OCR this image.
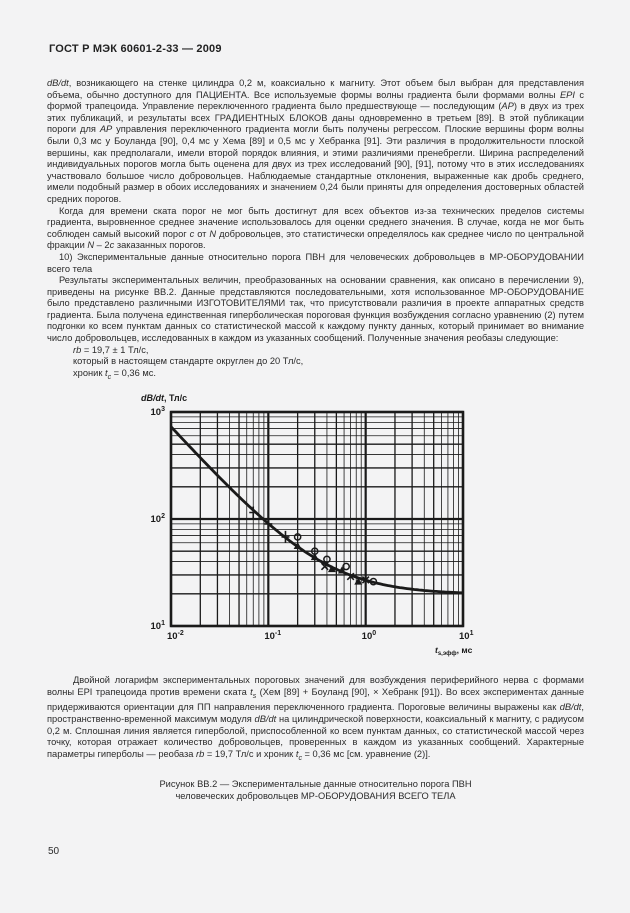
ГОСТ Р МЭК 60601-2-33 — 2009

dB/dt, возникающего на стенке цилиндра 0,2 м, коаксиально к магниту. Этот объем был выбран для представления объема, обычно доступного для ПАЦИЕНТА. Все используемые формы волны градиента были формами волны EPI с формой трапецоида. Управление переключенного градиента было предшествующе — последующим (AP) в двух из трех этих публикаций, и результаты всех ГРАДИЕНТНЫХ БЛОКОВ даны одновременно в третьем [89]. В этой публикации пороги для AP управления переключенного градиента могли быть получены регрессом. Плоские вершины форм волны были 0,3 мс у Боуланда [90], 0,4 мс у Хема [89] и 0,5 мс у Хебранка [91]. Эти различия в продолжительности плоской вершины, как предполагали, имели второй порядок влияния, и этими различиями пренебрегли. Ширина распределений индивидуальных порогов могла быть оценена для двух из трех исследований [90], [91], потому что в этих исследованиях участвовало большое число добровольцев. Наблюдаемые стандартные отклонения, выраженные как дробь среднего, имели подобный размер в обоих исследованиях и значением 0,24 были приняты для определения достоверных областей средних порогов.

Когда для времени ската порог не мог быть достигнут для всех объектов из-за технических пределов системы градиента, выровненное среднее значение использовалось для оценки среднего значения. В случае, когда не мог быть соблюден самый высокий порог c от N добровольцев, это статистически определялось как среднее число по центральной фракции N – 2c заказанных порогов.

10) Экспериментальные данные относительно порога ПВН для человеческих добровольцев в МР-ОБОРУДОВАНИИ всего тела

Результаты экспериментальных величин, преобразованных на основании сравнения, как описано в перечислении 9), приведены на рисунке ВВ.2. Данные представляются последовательными, хотя использованное МР-ОБОРУДОВАНИЕ было представлено различными ИЗГОТОВИТЕЛЯМИ так, что присутствовали различия в проекте аппаратных средств градиента. Была получена единственная гиперболическая пороговая функция возбуждения согласно уравнению (2) путем подгонки ко всем пунктам данных со статистической массой к каждому пункту данных, который принимает во внимание число добровольцев, исследованных в каждом из указанных сообщений. Полученные значения реобазы следующие:

rb = 19,7 ± 1 Тл/с,

который в настоящем стандарте округлен до 20 Тл/с,

хроник $t_c = 0,36$ мс.

$10^1$
$10^2$
$10^3$
$10^{-2}$	$10^{-1}$	$10^0$	$10^1$
dB/dt, Тл/с
$t_{s,эфф}$, мс

Двойной логарифм экспериментальных пороговых значений для возбуждения периферийного нерва с формами волны EPI трапецоида против времени ската $t_s$ (Хем [89] + Боуланд [90], × Хебранк [91]). Во всех экспериментах данные придерживаются ориентации для ПП направления переключенного градиента. Пороговые величины выражены как dB/dt, пространственно-временной максимум модуля dB/dt на цилиндрической поверхности, коаксиальный к магниту, с радиусом 0,2 м. Сплошная линия является гиперболой, приспособленной ко всем пунктам данных, со статистической массой через точку, которая отражает количество добровольцев, проверенных в каждом из указанных сообщений. Характерные параметры гиперболы — реобаза rb = 19,7 Тл/с и хроник $t_c = 0,36$ мс [см. уравнение (2)].

Рисунок ВВ.2 — Экспериментальные данные относительно порога ПВН
человеческих добровольцев МР-ОБОРУДОВАНИЯ ВСЕГО ТЕЛА
50
